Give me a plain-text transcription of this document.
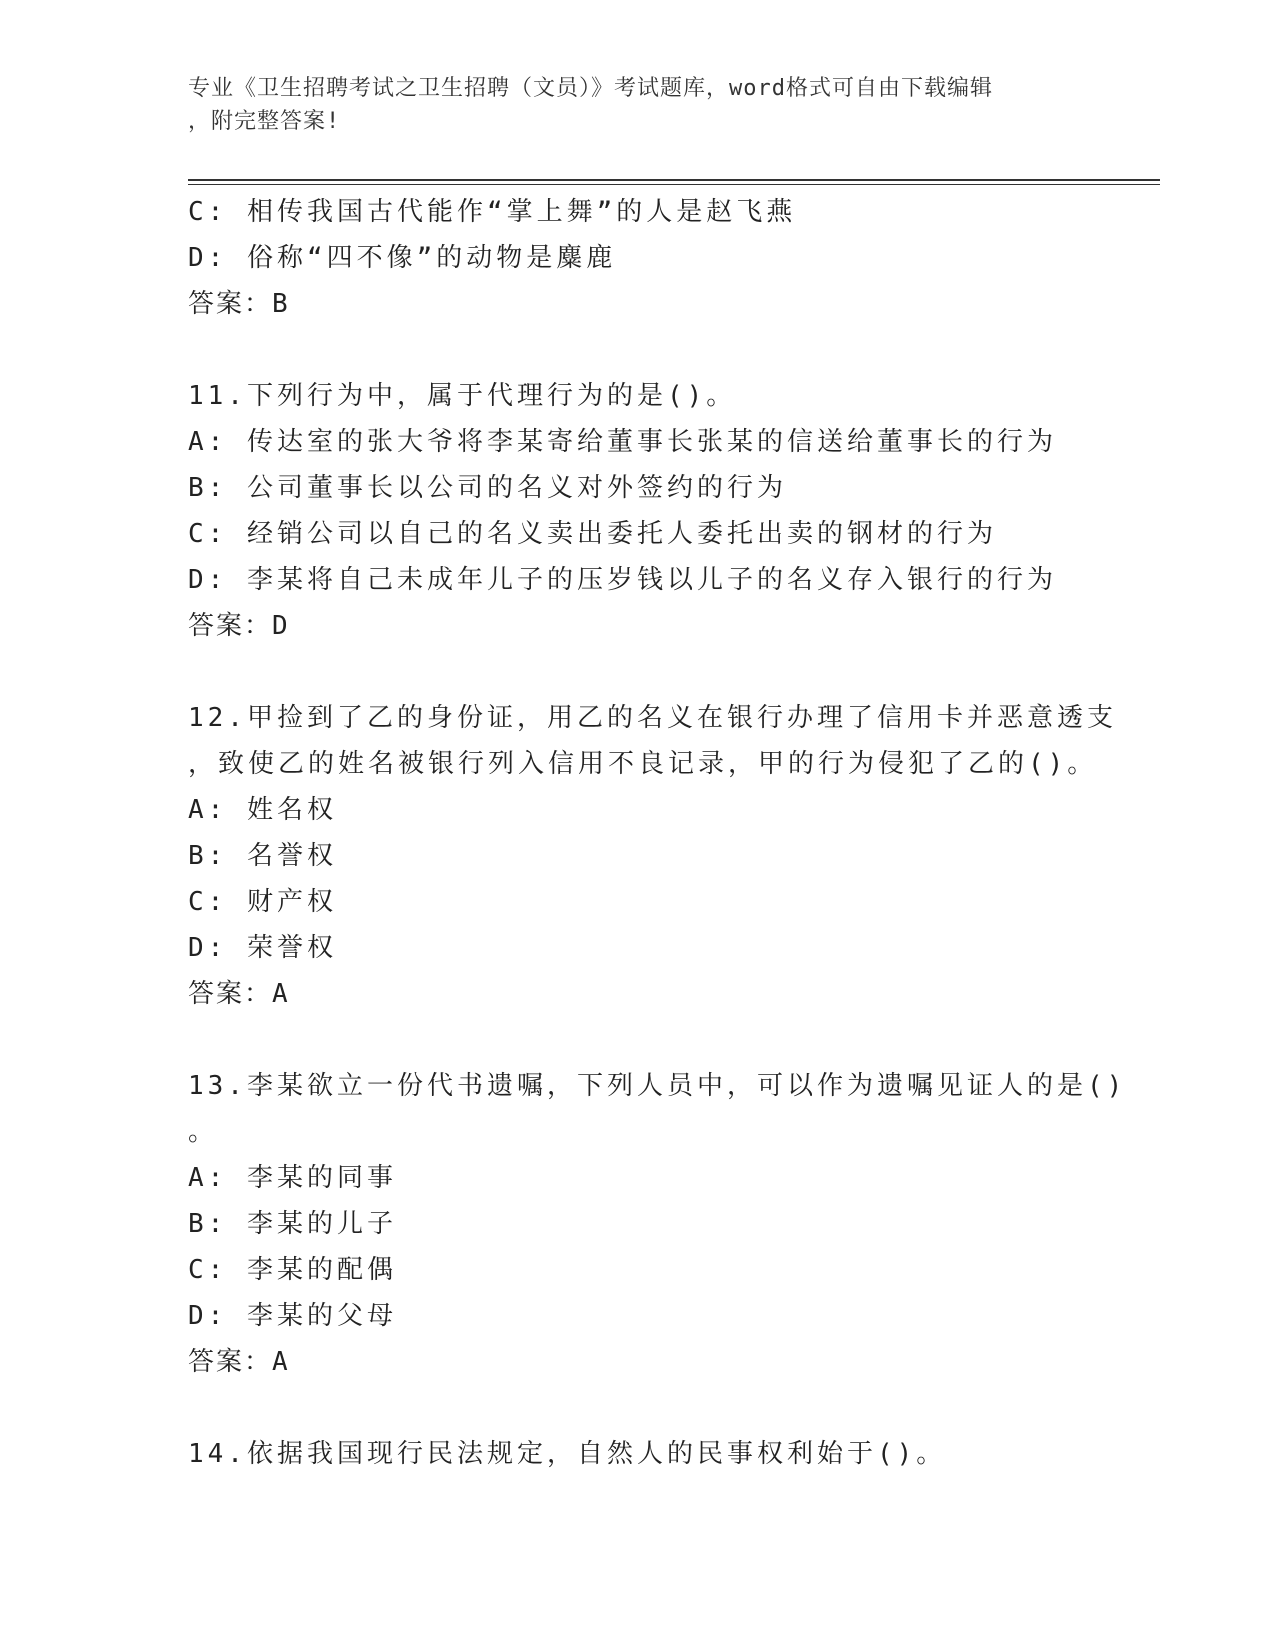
专业《卫生招聘考试之卫生招聘（文员）》考试题库，word格式可自由下载编辑
，附完整答案!
C: 相传我国古代能作“掌上舞”的人是赵飞燕
D: 俗称“四不像”的动物是麋鹿
答案：B
11.下列行为中，属于代理行为的是()。
A: 传达室的张大爷将李某寄给董事长张某的信送给董事长的行为
B: 公司董事长以公司的名义对外签约的行为
C: 经销公司以自己的名义卖出委托人委托出卖的钢材的行为
D: 李某将自己未成年儿子的压岁钱以儿子的名义存入银行的行为
答案：D
12.甲捡到了乙的身份证，用乙的名义在银行办理了信用卡并恶意透支
，致使乙的姓名被银行列入信用不良记录，甲的行为侵犯了乙的()。
A: 姓名权
B: 名誉权
C: 财产权
D: 荣誉权
答案：A
13.李某欲立一份代书遗嘱，下列人员中，可以作为遗嘱见证人的是()
。
A: 李某的同事
B: 李某的儿子
C: 李某的配偶
D: 李某的父母
答案：A
14.依据我国现行民法规定，自然人的民事权利始于()。
